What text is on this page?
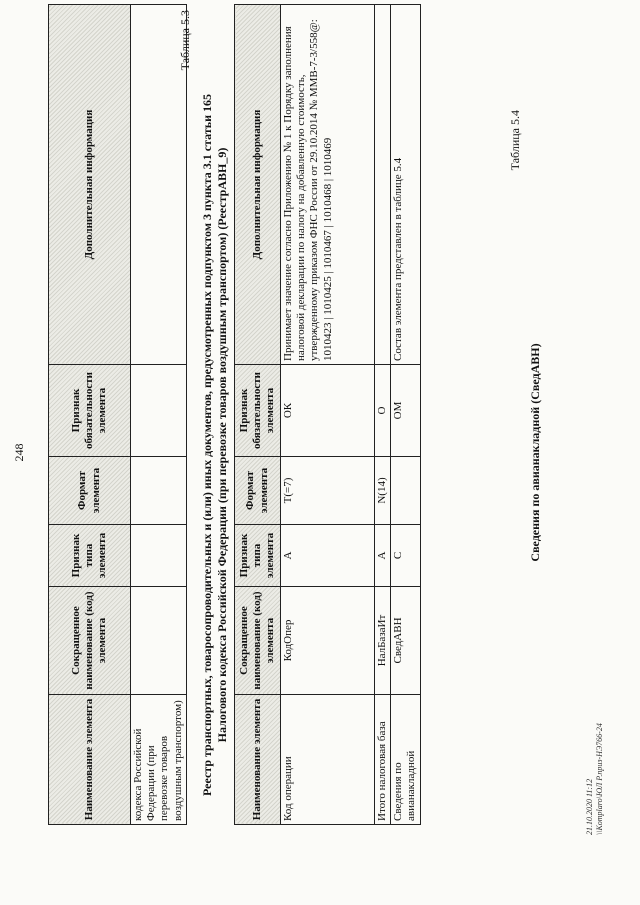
248
Наименование элемента	Сокращенное наименование (код) элемента	Признак типа элемента	Формат элемента	Признак обязательности элемента	Дополнительная информация
кодекса Российской Федерации (при перевозке товаров воздушным транспортом)					
Таблица 5.3
Реестр транспортных, товаросопроводительных и (или) иных документов, предусмотренных подпунктом 3 пункта 3.1 статьи 165 Налогового кодекса Российской Федерации (при перевозке товаров воздушным транспортом) (РеестрАВН_9)
Наименование элемента	Сокращенное наименование (код) элемента	Признак типа элемента	Формат элемента	Признак обязательности элемента	Дополнительная информация
Код операции	КодОпер	А	T(=7)	ОК	Принимает значение согласно Приложению № 1 к Порядку заполнения налоговой декларации по налогу на добавленную стоимость, утвержденному приказом ФНС России от 29.10.2014 № ММВ-7-3/558@: 1010423 | 1010425 | 1010467 | 1010468 | 1010469
Итого налоговая база	НалБазаИт	А	N(14)	О	
Сведения по авианакладной	СведАВН	С		ОМ	Состав элемента представлен в таблице 5.4
Таблица 5.4
Сведения по авианакладной (СведАВН)
21.10.2020 11:12 \\Komplaro\ЮЛ Р.приз-НЭ766-24
